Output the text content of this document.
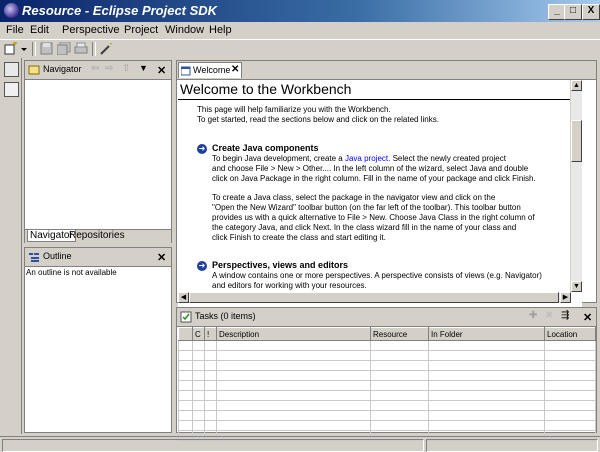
Resource - Eclipse Project SDK	_	□	X
File Edit Perspective Project Window Help
Navigator ⇦ ⇨ ⇧ ▼ ✕
Navigator
Repositories
Outline	✕
An outline is not available
Welcome ✕
Welcome to the Workbench
This page will help familiarize you with the Workbench.
To get started, read the sections below and click on the related links.
➜ Create Java components
To begin Java development, create a Java project. Select the newly created project
and choose File > New > Other.... In the left column of the wizard, select Java and double
click on Java Package in the right column. Fill in the name of your package and click Finish.
To create a Java class, select the package in the navigator view and click on the
"Open the New Wizard" toolbar button (on the far left of the toolbar). This toolbar button
provides us with a quick alternative to File > New. Choose Java Class in the right column of
the category Java, and click Next. In the class wizard fill in the name of your class and
click Finish to create the class and start editing it.
➜ Perspectives, views and editors
A window contains one or more perspectives. A perspective consists of views (e.g. Navigator)
and editors for working with your resources.
▲
▼
◀	▶
Tasks (0 items)	✚ ✖ ⇶ ✕
	C	!	Description	Resource	In Folder	Location
